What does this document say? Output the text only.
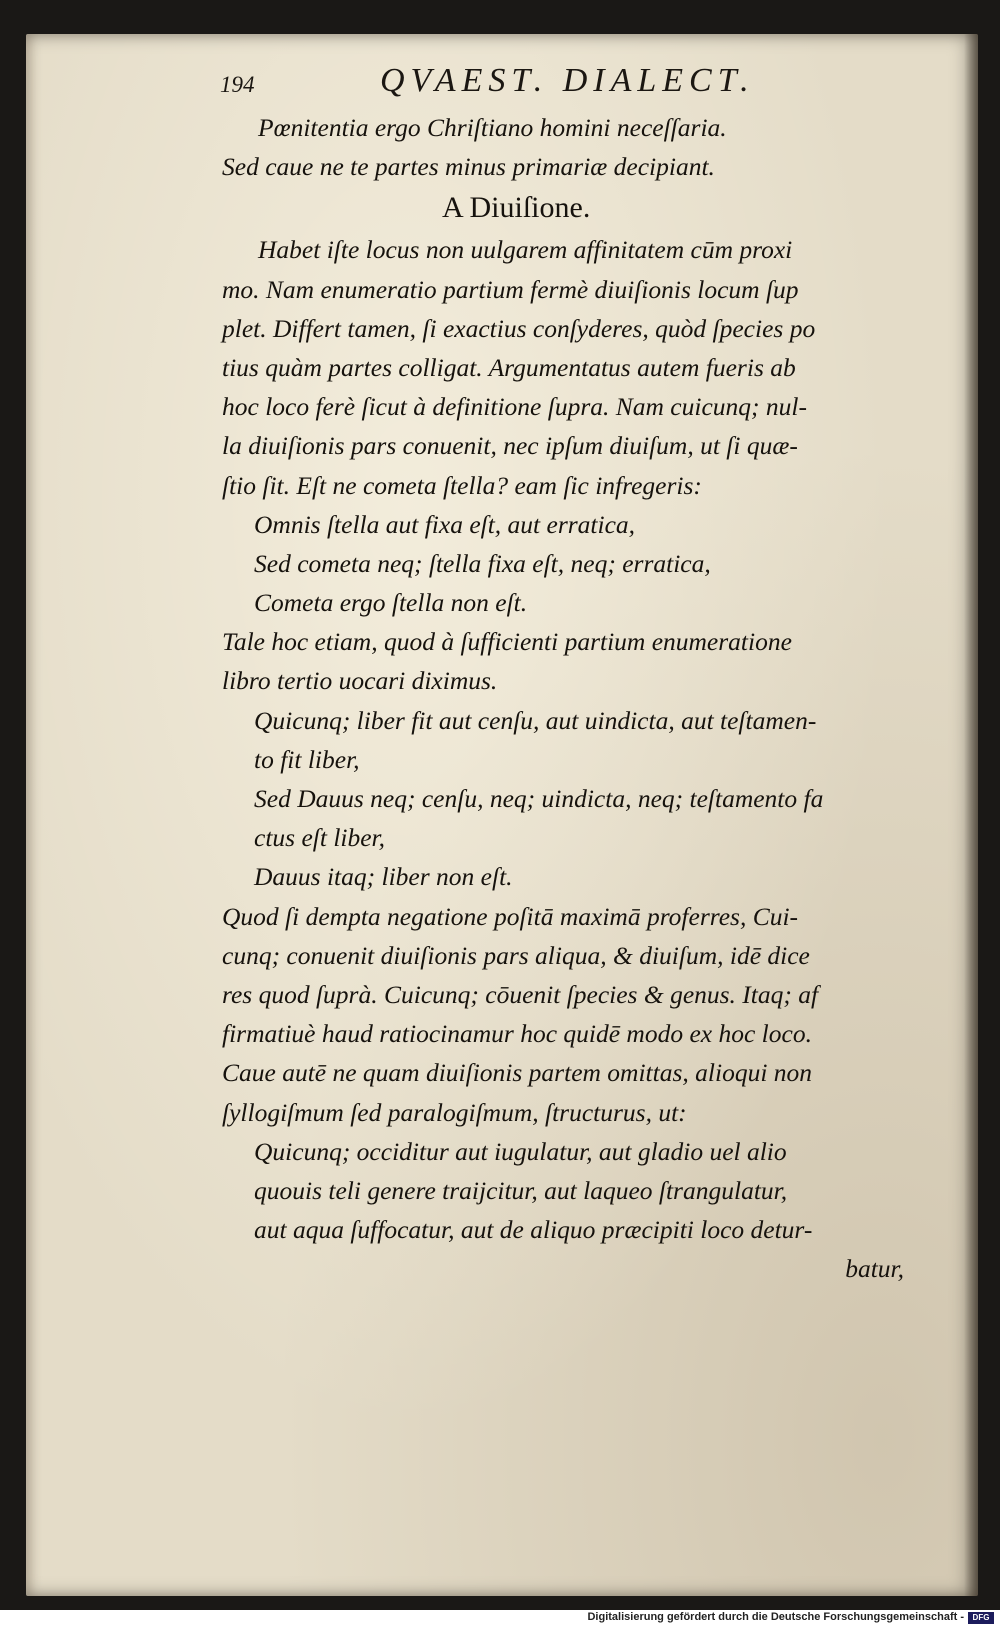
194	QVAEST. DIALECT.
Pœnitentia ergo Chriſtiano homini neceſſaria.
Sed caue ne te partes minus primariæ decipiant.
A Diuiſione.
Habet iſte locus non uulgarem affinitatem cūm proxi
mo. Nam enumeratio partium fermè diuiſionis locum ſup
plet. Differt tamen, ſi exactius conſyderes, quòd ſpecies po
tius quàm partes colligat. Argumentatus autem fueris ab
hoc loco ferè ſicut à definitione ſupra. Nam cuicunq; nul-
la diuiſionis pars conuenit, nec ipſum diuiſum, ut ſi quæ-
ſtio ſit. Eſt ne cometa ſtella? eam ſic infregeris:
Omnis ſtella aut fixa eſt, aut erratica,
Sed cometa neq; ſtella fixa eſt, neq; erratica,
Cometa ergo ſtella non eſt.
Tale hoc etiam, quod à ſufficienti partium enumeratione
libro tertio uocari diximus.
Quicunq; liber fit aut cenſu, aut uindicta, aut teſtamen-
to fit liber,
Sed Dauus neq; cenſu, neq; uindicta, neq; teſtamento fa
ctus eſt liber,
Dauus itaq; liber non eſt.
Quod ſi dempta negatione poſitā maximā proferres, Cui-
cunq; conuenit diuiſionis pars aliqua, & diuiſum, idē dice
res quod ſuprà. Cuicunq; cōuenit ſpecies & genus. Itaq; af
firmatiuè haud ratiocinamur hoc quidē modo ex hoc loco.
Caue autē ne quam diuiſionis partem omittas, alioqui non
ſyllogiſmum ſed paralogiſmum, ſtructurus, ut:
Quicunq; occiditur aut iugulatur, aut gladio uel alio
quouis teli genere traijcitur, aut laqueo ſtrangulatur,
aut aqua ſuffocatur, aut de aliquo præcipiti loco detur-
batur,
Digitalisierung gefördert durch die Deutsche Forschungsgemeinschaft -	DFG
